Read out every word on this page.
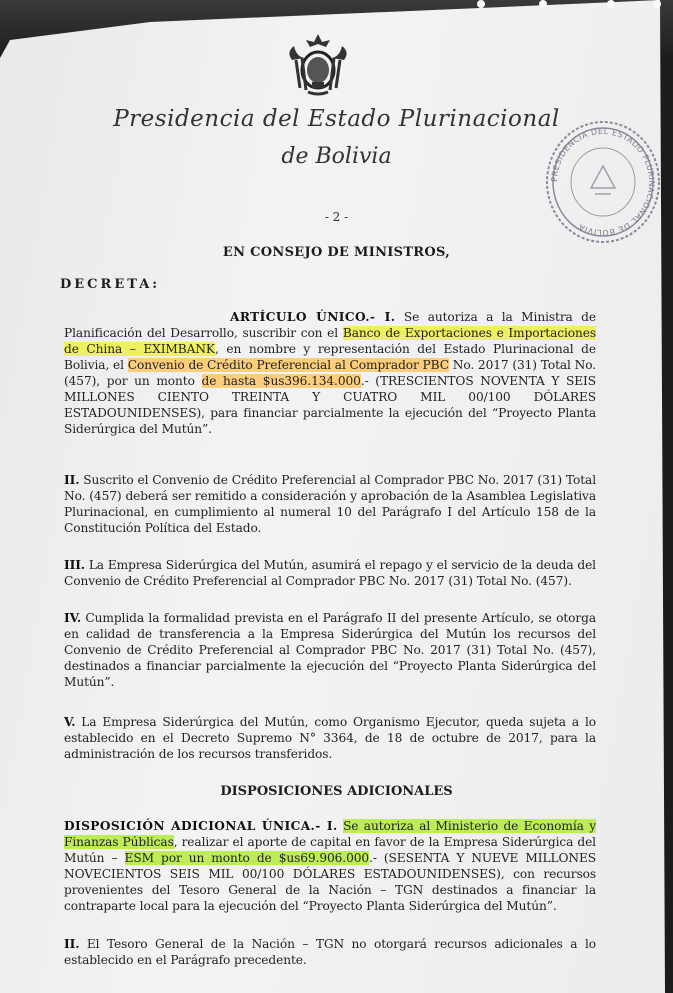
Presidencia del Estado Plurinacional
de Bolivia
PRESIDENCIA DEL ESTADO PLURINACIONAL DE BOLIVIA
- 2 -
EN CONSEJO DE MINISTROS,
DECRETA:

ARTÍCULO ÚNICO.- I. Se autoriza a la Ministra de Planificación del Desarrollo, suscribir con el Banco de Exportaciones e Importaciones de China – EXIMBANK, en nombre y representación del Estado Plurinacional de Bolivia, el Convenio de Crédito Preferencial al Comprador PBC No. 2017 (31) Total No. (457), por un monto de hasta $us396.134.000.- (TRESCIENTOS NOVENTA Y SEIS MILLONES CIENTO TREINTA Y CUATRO MIL 00/100 DÓLARES ESTADOUNIDENSES), para financiar parcialmente la ejecución del “Proyecto Planta Siderúrgica del Mutún”.

II. Suscrito el Convenio de Crédito Preferencial al Comprador PBC No. 2017 (31) Total No. (457) deberá ser remitido a consideración y aprobación de la Asamblea Legislativa Plurinacional, en cumplimiento al numeral 10 del Parágrafo I del Artículo 158 de la Constitución Política del Estado.

III. La Empresa Siderúrgica del Mutún, asumirá el repago y el servicio de la deuda del Convenio de Crédito Preferencial al Comprador PBC No. 2017 (31) Total No. (457).

IV. Cumplida la formalidad prevista en el Parágrafo II del presente Artículo, se otorga en calidad de transferencia a la Empresa Siderúrgica del Mutún los recursos del Convenio de Crédito Preferencial al Comprador PBC No. 2017 (31) Total No. (457), destinados a financiar parcialmente la ejecución del “Proyecto Planta Siderúrgica del Mutún”.

V. La Empresa Siderúrgica del Mutún, como Organismo Ejecutor, queda sujeta a lo establecido en el Decreto Supremo N° 3364, de 18 de octubre de 2017, para la administración de los recursos transferidos.

DISPOSICIONES ADICIONALES

DISPOSICIÓN ADICIONAL ÚNICA.- I. Se autoriza al Ministerio de Economía y Finanzas Públicas, realizar el aporte de capital en favor de la Empresa Siderúrgica del Mutún – ESM por un monto de $us69.906.000.- (SESENTA Y NUEVE MILLONES NOVECIENTOS SEIS MIL 00/100 DÓLARES ESTADOUNIDENSES), con recursos provenientes del Tesoro General de la Nación – TGN destinados a financiar la contraparte local para la ejecución del “Proyecto Planta Siderúrgica del Mutún”.

II. El Tesoro General de la Nación – TGN no otorgará recursos adicionales a lo establecido en el Parágrafo precedente.
